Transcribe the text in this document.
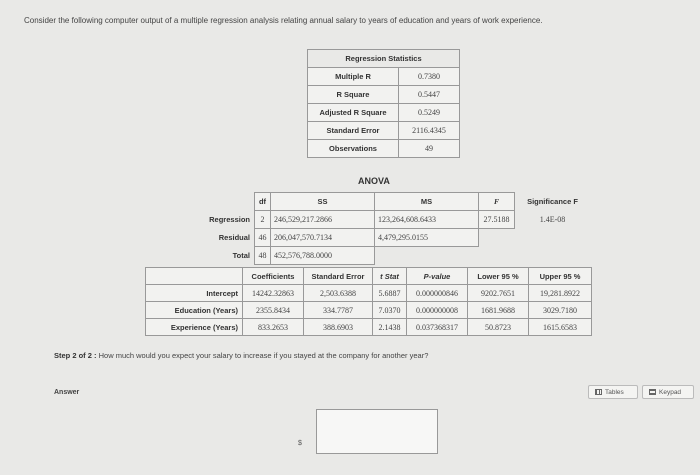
Consider the following computer output of a multiple regression analysis relating annual salary to years of education and years of work experience.
Regression Statistics	
Multiple R	0.7380
R Square	0.5447
Adjusted R Square	0.5249
Standard Error	2116.4345
Observations	49
ANOVA
	df	SS	MS	F	Significance F
Regression	2	246,529,217.2866	123,264,608.6433	27.5188	1.4E-08
Residual	46	206,047,570.7134	4,479,295.0155		
Total	48	452,576,788.0000			
	Coefficients	Standard Error	t Stat	P-value	Lower 95 %	Upper 95 %
Intercept	14242.32863	2,503.6388	5.6887	0.000000846	9202.7651	19,281.8922
Education (Years)	2355.8434	334.7787	7.0370	0.000000008	1681.9688	3029.7180
Experience (Years)	833.2653	388.6903	2.1438	0.037368317	50.8723	1615.6583
Step 2 of 2 : How much would you expect your salary to increase if you stayed at the company for another year?
Answer	Tables	Keypad
$
